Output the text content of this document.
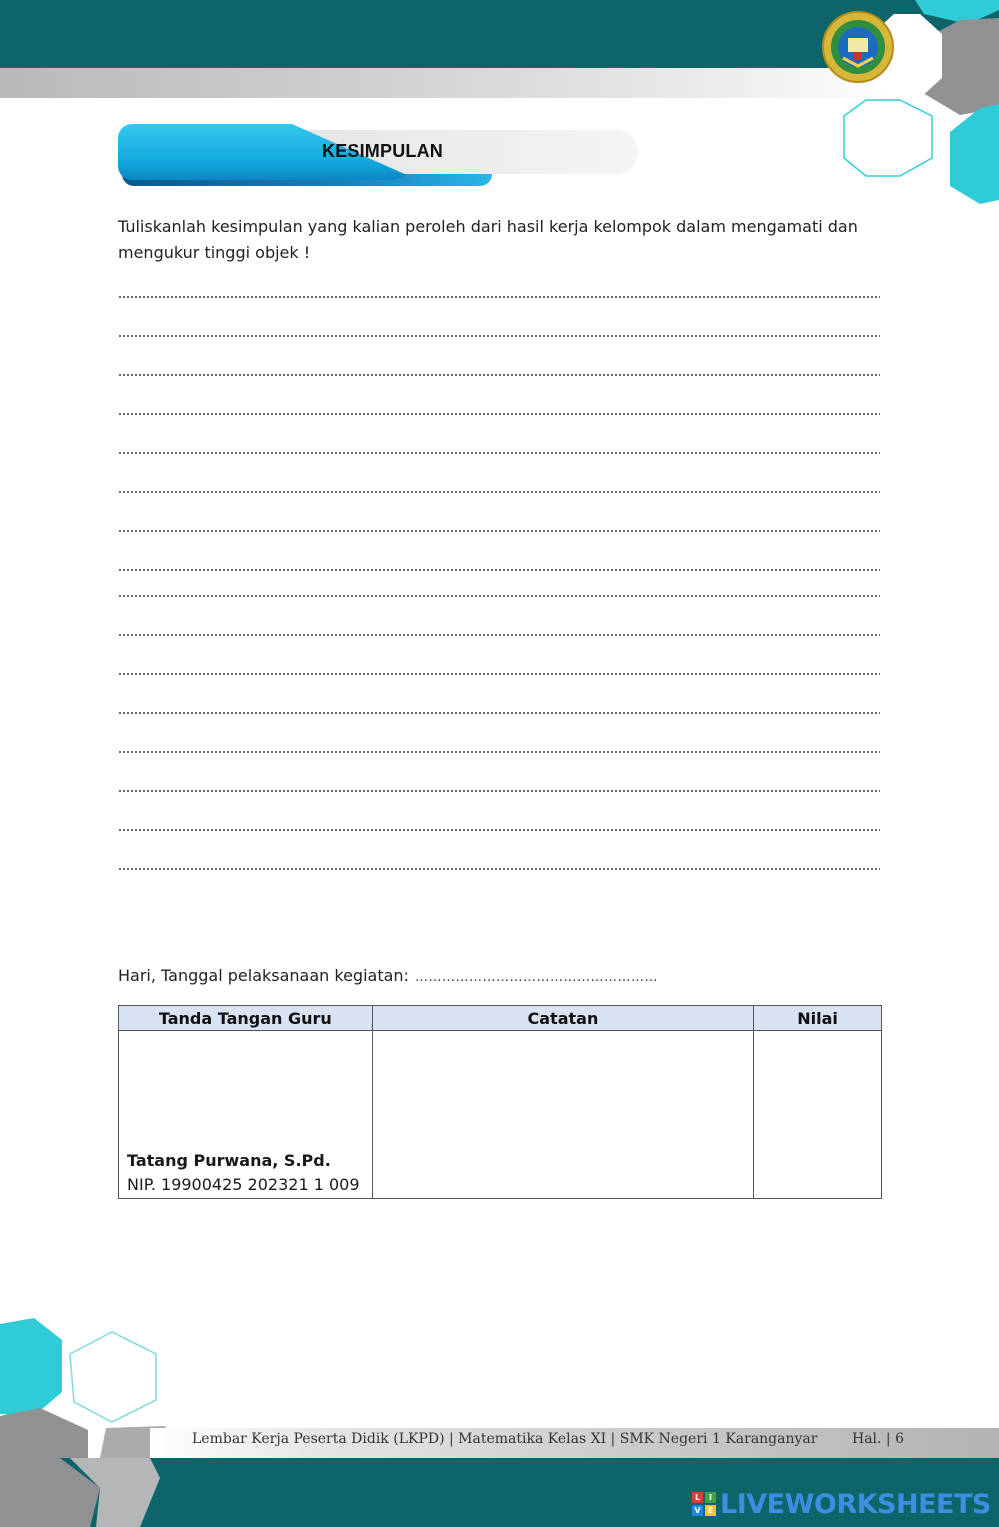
KESIMPULAN

Tuliskanlah kesimpulan yang kalian peroleh dari hasil kerja kelompok dalam mengamati dan mengukur tinggi objek !

Hari, Tanggal pelaksanaan kegiatan: ………………………………………………
Tanda Tangan Guru	Catatan	Nilai

Tatang Purwana, S.Pd.
NIP. 19900425 202321 1 009		

Lembar Kerja Peserta Didik (LKPD) | Matematika Kelas XI | SMK Negeri 1 Karanganyar Hal. | 6
L	I
V E LIVEWORKSHEETS
